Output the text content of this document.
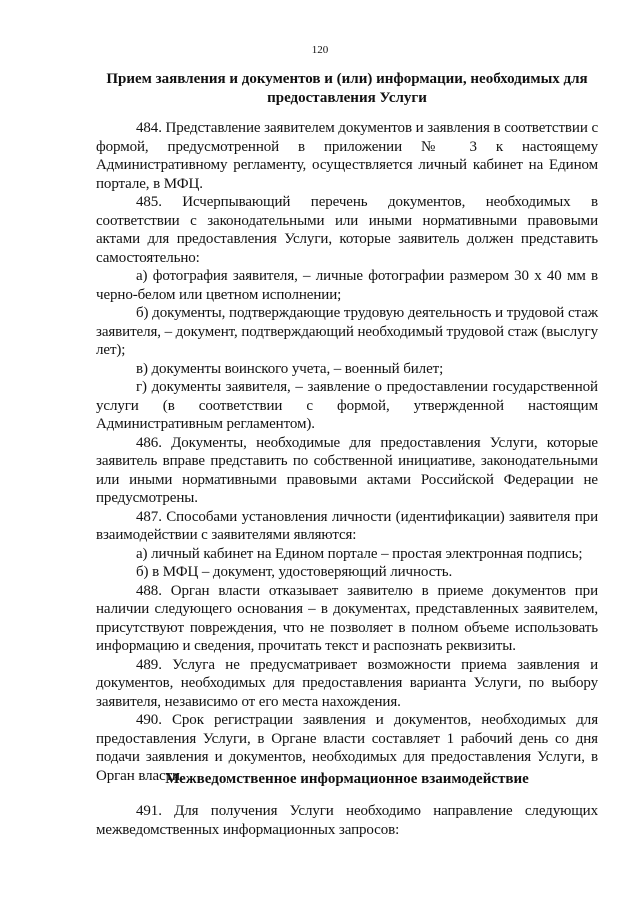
120
Прием заявления и документов и (или) информации, необходимых для предоставления Услуги

484. Представление заявителем документов и заявления в соответствии с формой, предусмотренной в приложении № 3 к настоящему Административному регламенту, осуществляется личный кабинет на Едином портале, в МФЦ.

485. Исчерпывающий перечень документов, необходимых в соответствии с законодательными или иными нормативными правовыми актами для предоставления Услуги, которые заявитель должен представить самостоятельно:

а) фотография заявителя, – личные фотографии размером 30 х 40 мм в черно-белом или цветном исполнении;

б) документы, подтверждающие трудовую деятельность и трудовой стаж заявителя, – документ, подтверждающий необходимый трудовой стаж (выслугу лет);

в) документы воинского учета, – военный билет;

г) документы заявителя, – заявление о предоставлении государственной услуги (в соответствии с формой, утвержденной настоящим Административным регламентом).

486. Документы, необходимые для предоставления Услуги, которые заявитель вправе представить по собственной инициативе, законодательными или иными нормативными правовыми актами Российской Федерации не предусмотрены.

487. Способами установления личности (идентификации) заявителя при взаимодействии с заявителями являются:

а) личный кабинет на Едином портале – простая электронная подпись;

б) в МФЦ – документ, удостоверяющий личность.

488. Орган власти отказывает заявителю в приеме документов при наличии следующего основания – в документах, представленных заявителем, присутствуют повреждения, что не позволяет в полном объеме использовать информацию и сведения, прочитать текст и распознать реквизиты.

489. Услуга не предусматривает возможности приема заявления и документов, необходимых для предоставления варианта Услуги, по выбору заявителя, независимо от его места нахождения.

490. Срок регистрации заявления и документов, необходимых для предоставления Услуги, в Органе власти составляет 1 рабочий день со дня подачи заявления и документов, необходимых для предоставления Услуги, в Орган власти.

Межведомственное информационное взаимодействие

491. Для получения Услуги необходимо направление следующих межведомственных информационных запросов:
